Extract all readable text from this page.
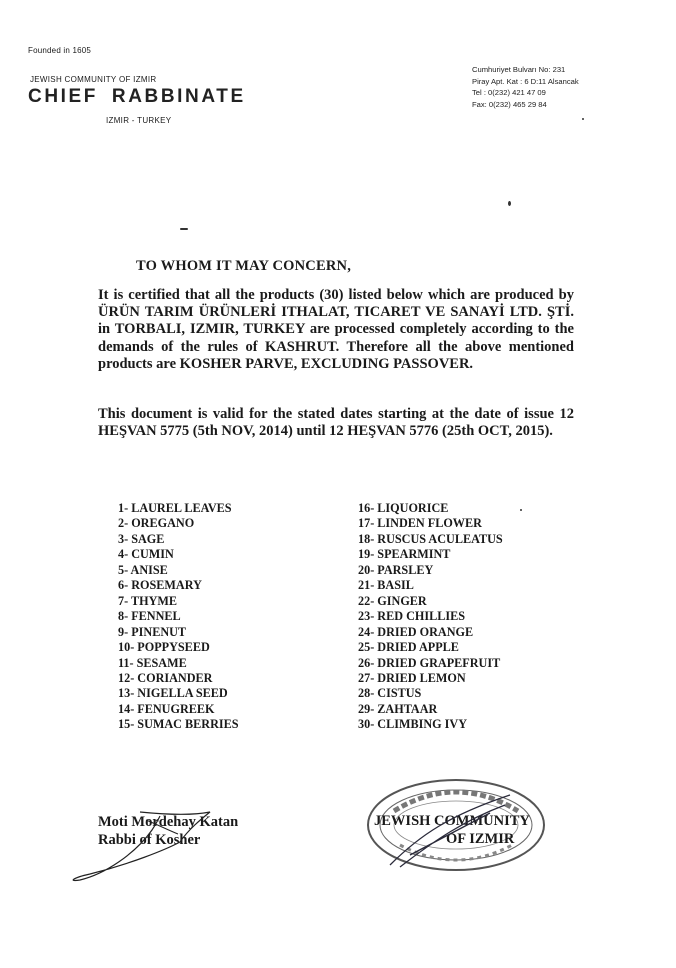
Founded in 1605
JEWISH COMMUNITY OF IZMIR
CHIEF RABBINATE
IZMIR - TURKEY
Cumhuriyet Bulvarı No: 231
Piray Apt. Kat : 6 D:11 Alsancak
Tel : 0(232) 421 47 09
Fax: 0(232) 465 29 84
TO WHOM IT MAY CONCERN,
It is certified that all the products (30) listed below which are produced by ÜRÜN TARIM ÜRÜNLERİ ITHALAT, TICARET VE SANAYİ LTD. ŞTİ. in TORBALI, IZMIR, TURKEY are processed completely according to the demands of the rules of KASHRUT. Therefore all the above mentioned products are KOSHER PARVE, EXCLUDING PASSOVER.
This document is valid for the stated dates starting at the date of issue 12 HEŞVAN 5775 (5th NOV, 2014) until 12 HEŞVAN 5776 (25th OCT, 2015).
1- LAUREL LEAVES
2- OREGANO
3- SAGE
4- CUMIN
5- ANISE
6- ROSEMARY
7- THYME
8- FENNEL
9- PINENUT
10- POPPYSEED
11- SESAME
12- CORIANDER
13- NIGELLA SEED
14- FENUGREEK
15- SUMAC BERRIES
16- LIQUORICE
17- LINDEN FLOWER
18- RUSCUS ACULEATUS
19- SPEARMINT
20- PARSLEY
21- BASIL
22- GINGER
23- RED CHILLIES
24- DRIED ORANGE
25- DRIED APPLE
26- DRIED GRAPEFRUIT
27- DRIED LEMON
28- CISTUS
29- ZAHTAAR
30- CLIMBING IVY
JEWISH COMMUNITY
OF IZMIR
Moti Mordehay Katan
Rabbi of Kosher
